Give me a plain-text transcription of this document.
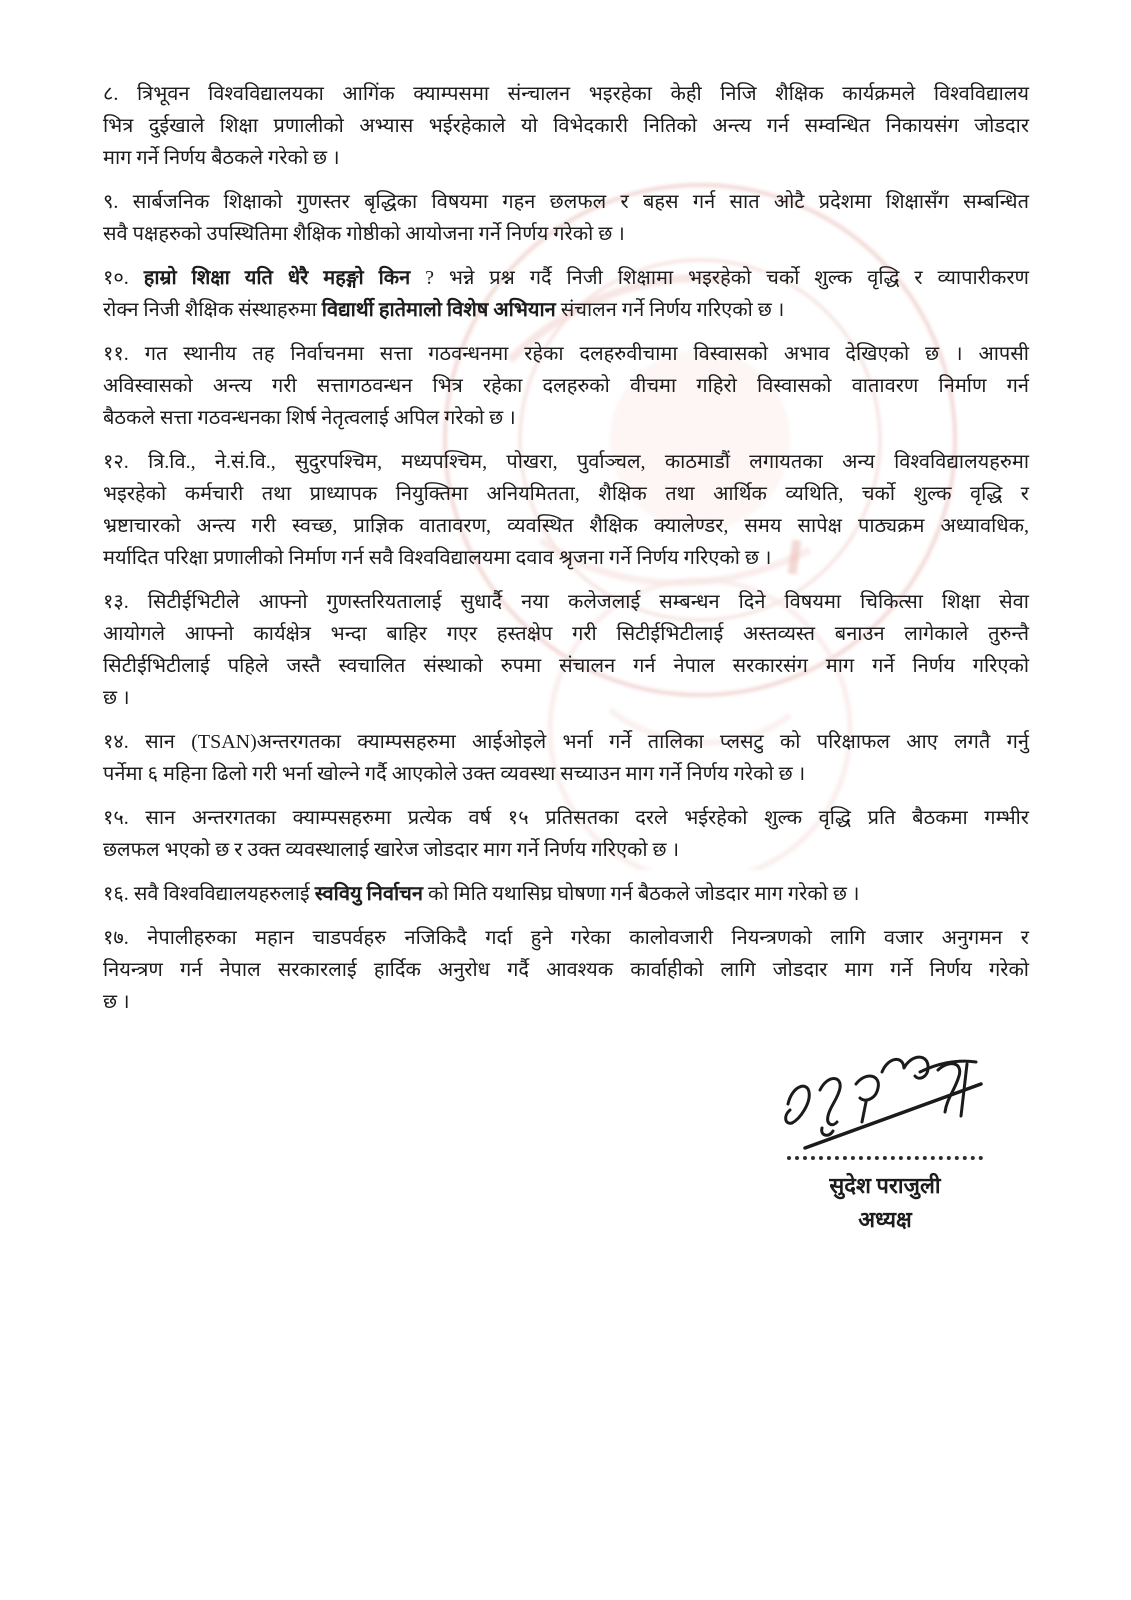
८. त्रिभूवन विश्वविद्यालयका आगिंक क्याम्पसमा संन्चालन भइरहेका केही निजि शैक्षिक कार्यक्रमले विश्वविद्यालय
भित्र दुईखाले शिक्षा प्रणालीको अभ्यास भईरहेकाले यो विभेदकारी नितिको अन्त्य गर्न सम्वन्धित निकायसंग जोडदार
माग गर्ने निर्णय बैठकले गरेको छ ।
९. सार्बजनिक शिक्षाको गुणस्तर बृद्धिका विषयमा गहन छलफल र बहस गर्न सात ओटै प्रदेशमा शिक्षासँग सम्बन्धित
सवै पक्षहरुको उपस्थितिमा शैक्षिक गोष्ठीको आयोजना गर्ने निर्णय गरेको छ ।
१०. हाम्रो शिक्षा यति धेरै महङ्गो किन ? भन्ने प्रश्न गर्दै निजी शिक्षामा भइरहेको चर्को शुल्क वृद्धि र व्यापारीकरण
रोक्न निजी शैक्षिक संस्थाहरुमा विद्यार्थी हातेमालो विशेष अभियान संचालन गर्ने निर्णय गरिएको छ ।
११. गत स्थानीय तह निर्वाचनमा सत्ता गठवन्धनमा रहेका दलहरुवीचामा विस्वासको अभाव देखिएको छ । आपसी
अविस्वासको अन्त्य गरी सत्तागठवन्धन भित्र रहेका दलहरुको वीचमा गहिरो विस्वासको वातावरण निर्माण गर्न
बैठकले सत्ता गठवन्धनका शिर्ष नेतृत्वलाई अपिल गरेको छ ।
१२. त्रि.वि., ने.सं.वि., सुदुरपश्चिम, मध्यपश्चिम, पोखरा, पुर्वाञ्चल, काठमाडौं लगायतका अन्य विश्वविद्यालयहरुमा
भइरहेको कर्मचारी तथा प्राध्यापक नियुक्तिमा अनियमितता, शैक्षिक तथा आर्थिक व्यथिति, चर्को शुल्क वृद्धि र
भ्रष्टाचारको अन्त्य गरी स्वच्छ, प्राज्ञिक वातावरण, व्यवस्थित शैक्षिक क्यालेण्डर, समय सापेक्ष पाठ्यक्रम अध्यावधिक,
मर्यादित परिक्षा प्रणालीको निर्माण गर्न सवै विश्वविद्यालयमा दवाव श्रृजना गर्ने निर्णय गरिएको छ ।
१३. सिटीईभिटीले आफ्नो गुणस्तरियतालाई सुधार्दै नया कलेजलाई सम्बन्धन दिने विषयमा चिकित्सा शिक्षा सेवा
आयोगले आफ्नो कार्यक्षेत्र भन्दा बाहिर गएर हस्तक्षेप गरी सिटीईभिटीलाई अस्तव्यस्त बनाउन लागेकाले तुरुन्तै
सिटीईभिटीलाई पहिले जस्तै स्वचालित संस्थाको रुपमा संचालन गर्न नेपाल सरकारसंग माग गर्ने निर्णय गरिएको
छ ।
१४. सान (TSAN)अन्तरगतका क्याम्पसहरुमा आईओइले भर्ना गर्ने तालिका प्लसटु को परिक्षाफल आए लगतै गर्नु
पर्नेमा ६ महिना ढिलो गरी भर्ना खोल्ने गर्दै आएकोले उक्त व्यवस्था सच्याउन माग गर्ने निर्णय गरेको छ ।
१५. सान अन्तरगतका क्याम्पसहरुमा प्रत्येक वर्ष १५ प्रतिसतका दरले भईरहेको शुल्क वृद्धि प्रति बैठकमा गम्भीर
छलफल भएको छ र उक्त व्यवस्थालाई खारेज जोडदार माग गर्ने निर्णय गरिएको छ ।
१६. सवै विश्वविद्यालयहरुलाई स्ववियु निर्वाचन को मिति यथासिघ्र घोषणा गर्न बैठकले जोडदार माग गरेको छ ।
१७. नेपालीहरुका महान चाडपर्वहरु नजिकिदै गर्दा हुने गरेका कालोवजारी नियन्त्रणको लागि वजार अनुगमन र
नियन्त्रण गर्न नेपाल सरकारलाई हार्दिक अनुरोध गर्दै आवश्यक कार्वाहीको लागि जोडदार माग गर्ने निर्णय गरेको
छ ।
सुदेश पराजुली
अध्यक्ष
